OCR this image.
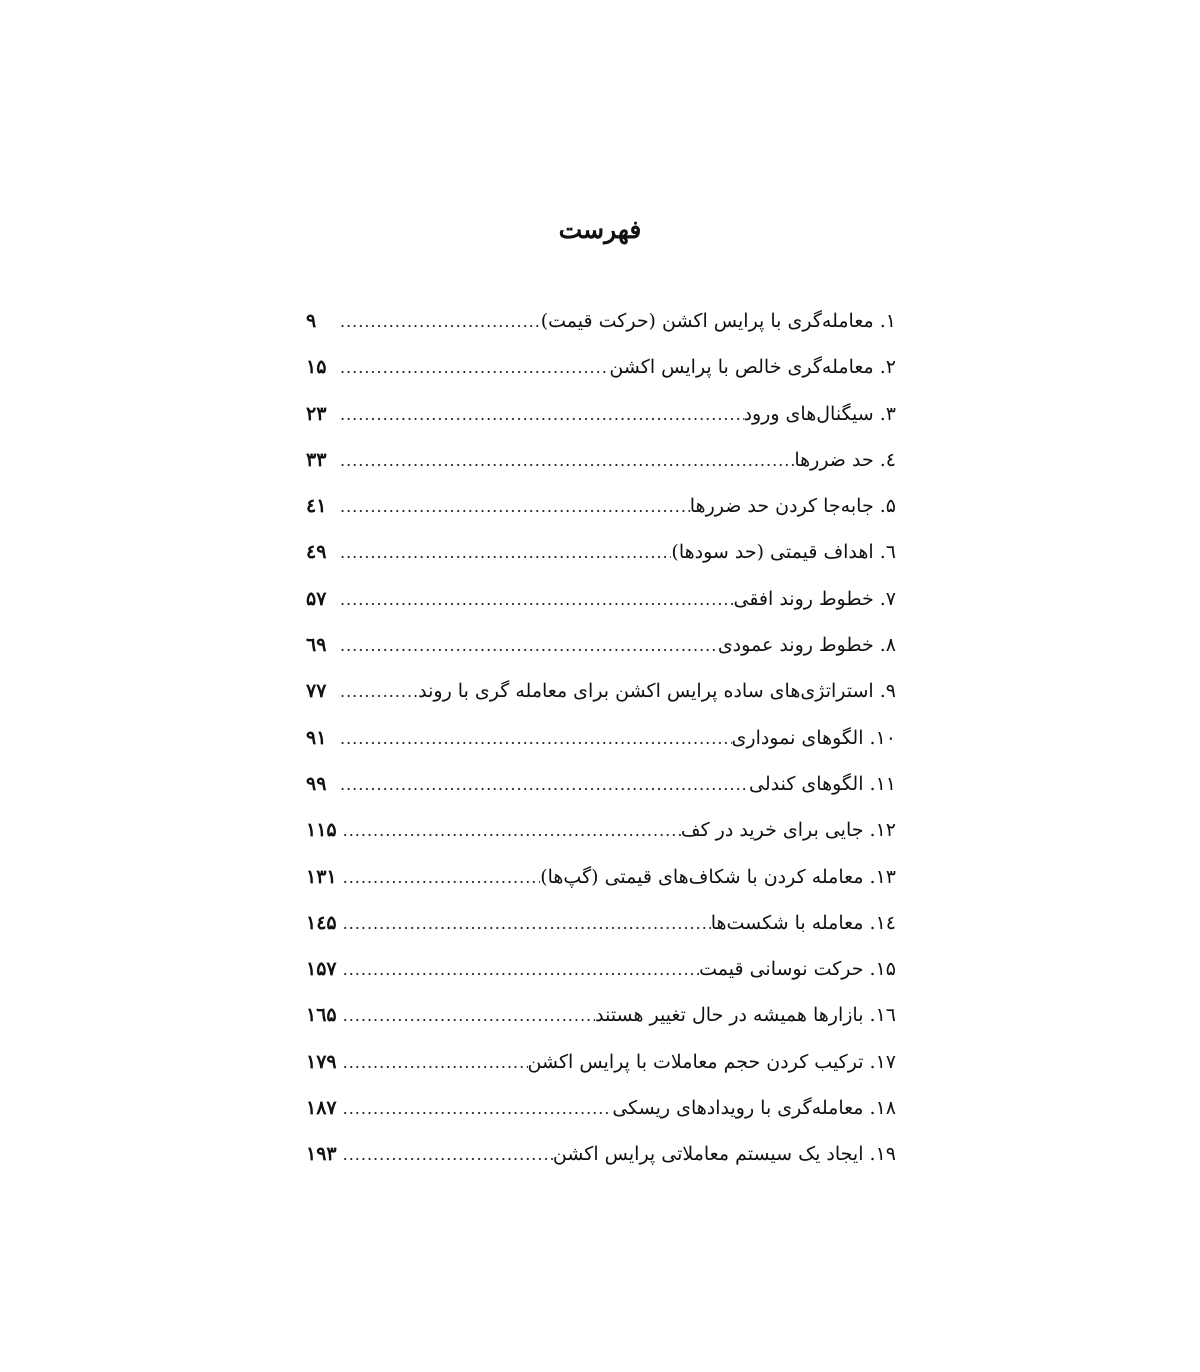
فهرست
۱. معامله‌گری با پرایس اکشن (حرکت قیمت)
.....
۹
۲. معامله‌گری خالص با پرایس اکشن
.....
۱۵
۳. سیگنال‌های ورود
.....
۲۳
٤. حد ضررها
.....
۳۳
۵. جابه‌جا کردن حد ضررها
.....
٤۱
٦. اهداف قیمتی (حد سودها)
.....
٤۹
۷. خطوط روند افقی
.....
۵۷
۸. خطوط روند عمودی
.....
٦۹
۹. استراتژی‌های ساده پرایس اکشن برای معامله گری با روند
.....
۷۷
۱۰. الگوهای نموداری
.....
۹۱
۱۱. الگوهای کندلی
.....
۹۹
۱۲. جایی برای خرید در کف
.....
۱۱۵
۱۳. معامله کردن با شکاف‌های قیمتی (گپ‌ها)
.....
۱۳۱
۱٤. معامله با شکست‌ها
.....
۱٤۵
۱۵. حرکت نوسانی قیمت
.....
۱۵۷
۱٦. بازارها همیشه در حال تغییر هستند
.....
۱٦۵
۱۷. ترکیب کردن حجم معاملات با پرایس اکشن
.....
۱۷۹
۱۸. معامله‌گری با رویدادهای ریسکی
.....
۱۸۷
۱۹. ایجاد یک سیستم معاملاتی پرایس اکشن
.....
۱۹۳
